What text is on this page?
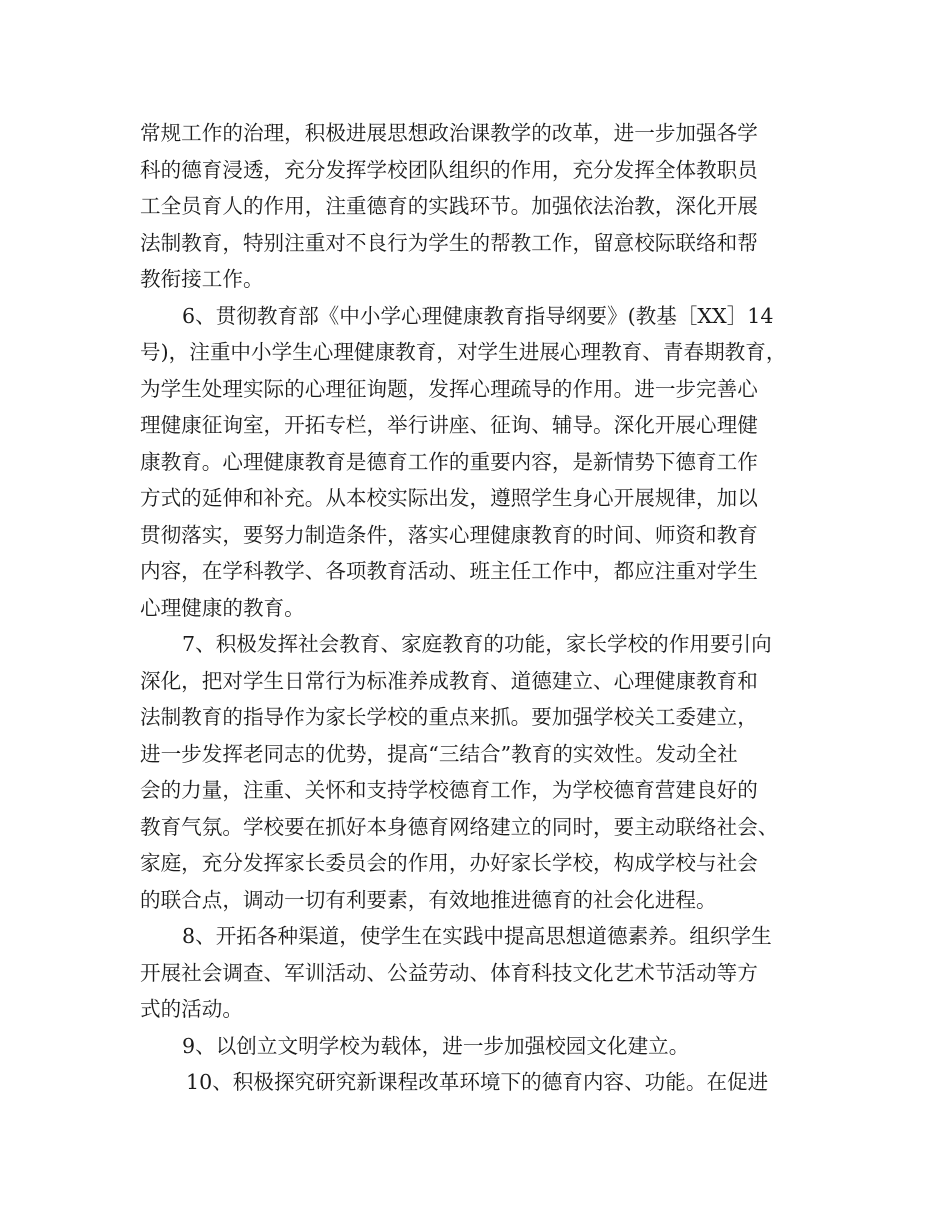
常规工作的治理，积极进展思想政治课教学的改革，进一步加强各学
科的德育浸透，充分发挥学校团队组织的作用，充分发挥全体教职员
工全员育人的作用，注重德育的实践环节。加强依法治教，深化开展
法制教育，特别注重对不良行为学生的帮教工作，留意校际联络和帮
教衔接工作。
6、贯彻教育部《中小学心理健康教育指导纲要》(教基［XX］14
号)，注重中小学生心理健康教育，对学生进展心理教育、青春期教育，
为学生处理实际的心理征询题，发挥心理疏导的作用。进一步完善心
理健康征询室，开拓专栏，举行讲座、征询、辅导。深化开展心理健
康教育。心理健康教育是德育工作的重要内容，是新情势下德育工作
方式的延伸和补充。从本校实际出发，遵照学生身心开展规律，加以
贯彻落实，要努力制造条件，落实心理健康教育的时间、师资和教育
内容，在学科教学、各项教育活动、班主任工作中，都应注重对学生
心理健康的教育。
7、积极发挥社会教育、家庭教育的功能，家长学校的作用要引向
深化，把对学生日常行为标准养成教育、道德建立、心理健康教育和
法制教育的指导作为家长学校的重点来抓。要加强学校关工委建立，
进一步发挥老同志的优势，提高“三结合”教育的实效性。发动全社
会的力量，注重、关怀和支持学校德育工作，为学校德育营建良好的
教育气氛。学校要在抓好本身德育网络建立的同时，要主动联络社会、
家庭，充分发挥家长委员会的作用，办好家长学校，构成学校与社会
的联合点，调动一切有利要素，有效地推进德育的社会化进程。
8、开拓各种渠道，使学生在实践中提高思想道德素养。组织学生
开展社会调查、军训活动、公益劳动、体育科技文化艺术节活动等方
式的活动。
9、以创立文明学校为载体，进一步加强校园文化建立。
10、积极探究研究新课程改革环境下的德育内容、功能。在促进
